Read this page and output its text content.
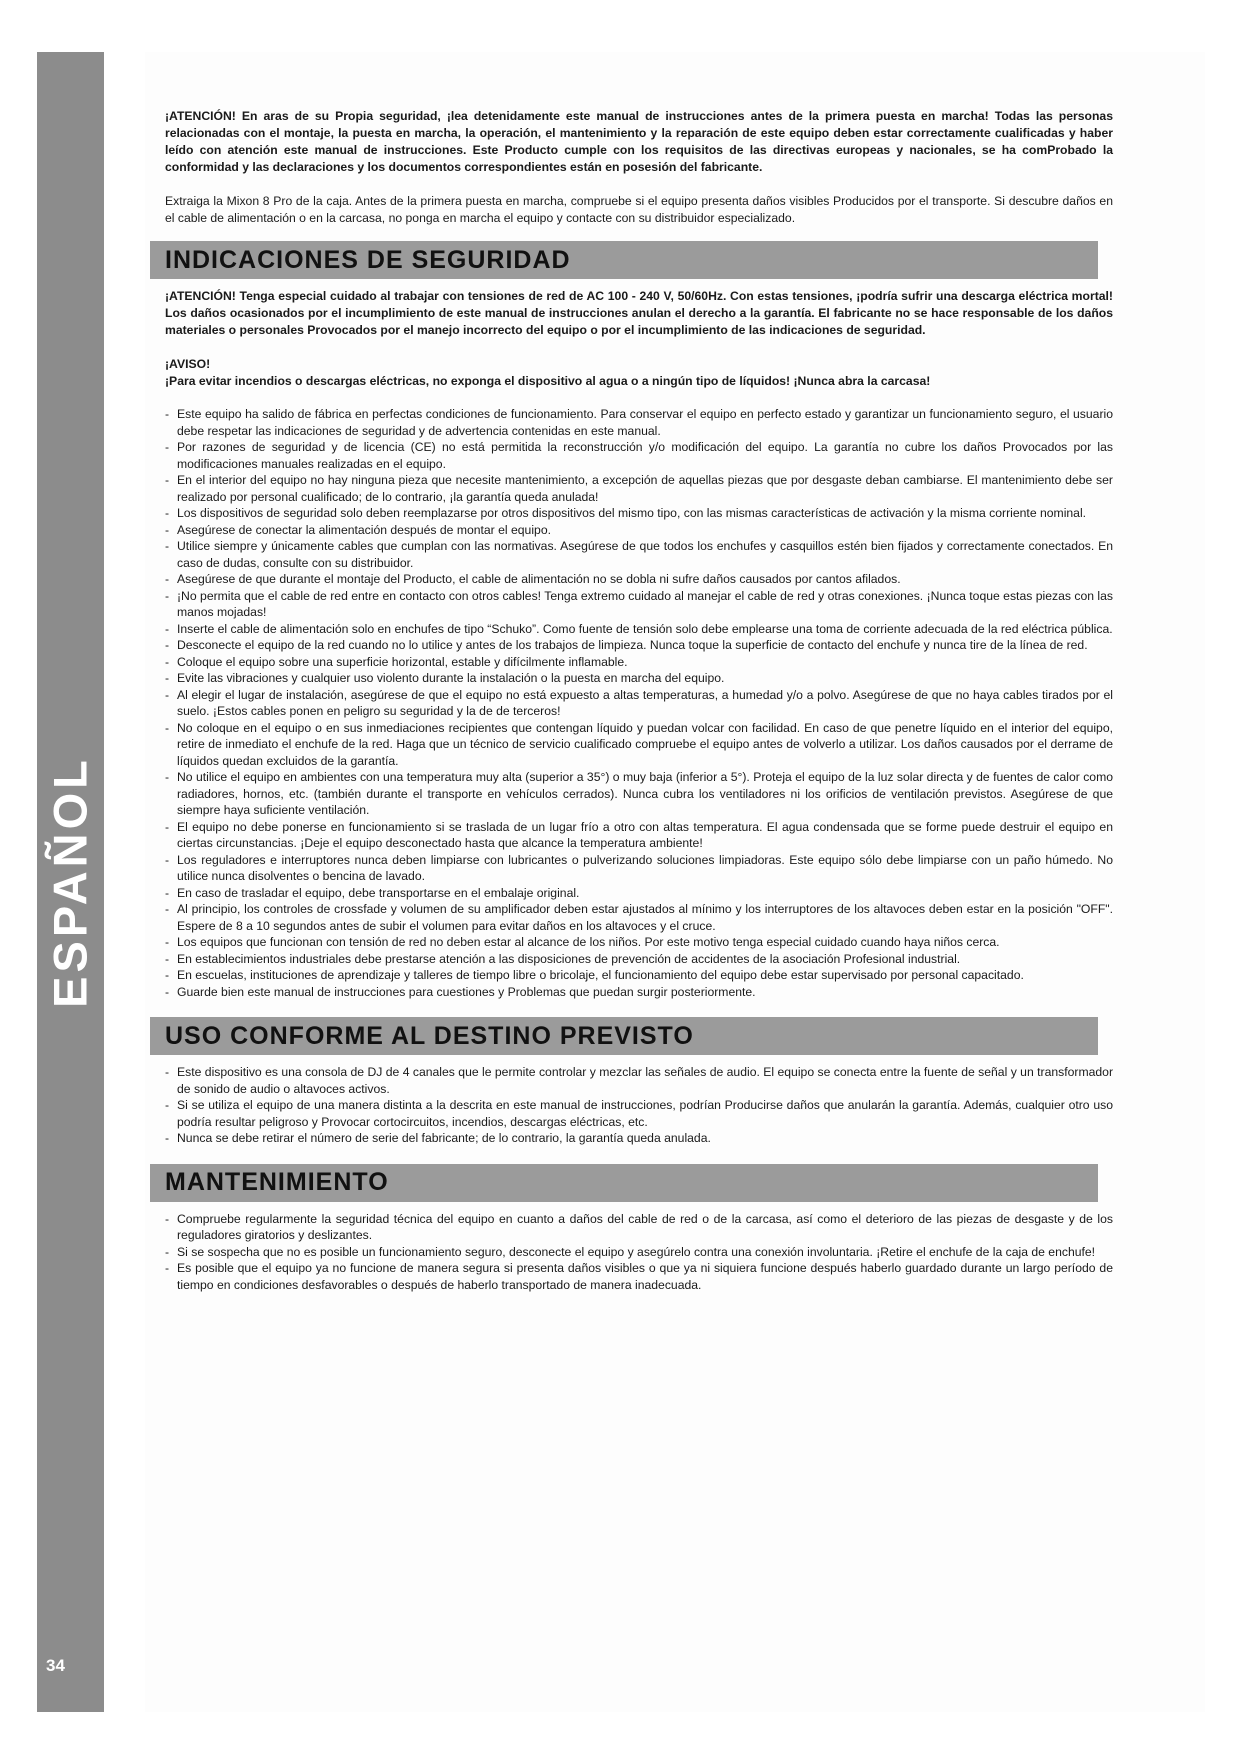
ESPAÑOL
34

¡ATENCIÓN! En aras de su Propia seguridad, ¡lea detenidamente este manual de instrucciones antes de la primera puesta en marcha! Todas las personas relacionadas con el montaje, la puesta en marcha, la operación, el mantenimiento y la reparación de este equipo deben estar correctamente cualificadas y haber leído con atención este manual de instrucciones. Este Producto cumple con los requisitos de las directivas europeas y nacionales, se ha comProbado la conformidad y las declaraciones y los documentos correspondientes están en posesión del fabricante.

Extraiga la Mixon 8 Pro de la caja. Antes de la primera puesta en marcha, compruebe si el equipo presenta daños visibles Producidos por el transporte. Si descubre daños en el cable de alimentación o en la carcasa, no ponga en marcha el equipo y contacte con su distribuidor especializado.

INDICACIONES DE SEGURIDAD

¡ATENCIÓN! Tenga especial cuidado al trabajar con tensiones de red de AC 100 - 240 V, 50/60Hz. Con estas tensiones, ¡podría sufrir una descarga eléctrica mortal! Los daños ocasionados por el incumplimiento de este manual de instrucciones anulan el derecho a la garantía. El fabricante no se hace responsable de los daños materiales o personales Provocados por el manejo incorrecto del equipo o por el incumplimiento de las indicaciones de seguridad.

¡AVISO!

¡Para evitar incendios o descargas eléctricas, no exponga el dispositivo al agua o a ningún tipo de líquidos! ¡Nunca abra la carcasa!

- Este equipo ha salido de fábrica en perfectas condiciones de funcionamiento. Para conservar el equipo en perfecto estado y garantizar un funcionamiento seguro, el usuario debe respetar las indicaciones de seguridad y de advertencia contenidas en este manual.
- Por razones de seguridad y de licencia (CE) no está permitida la reconstrucción y/o modificación del equipo. La garantía no cubre los daños Provocados por las modificaciones manuales realizadas en el equipo.
- En el interior del equipo no hay ninguna pieza que necesite mantenimiento, a excepción de aquellas piezas que por desgaste deban cambiarse. El mantenimiento debe ser realizado por personal cualificado; de lo contrario, ¡la garantía queda anulada!
- Los dispositivos de seguridad solo deben reemplazarse por otros dispositivos del mismo tipo, con las mismas características de activación y la misma corriente nominal.
- Asegúrese de conectar la alimentación después de montar el equipo.
- Utilice siempre y únicamente cables que cumplan con las normativas. Asegúrese de que todos los enchufes y casquillos estén bien fijados y correctamente conectados. En caso de dudas, consulte con su distribuidor.
- Asegúrese de que durante el montaje del Producto, el cable de alimentación no se dobla ni sufre daños causados por cantos afilados.
- ¡No permita que el cable de red entre en contacto con otros cables! Tenga extremo cuidado al manejar el cable de red y otras conexiones. ¡Nunca toque estas piezas con las manos mojadas!
- Inserte el cable de alimentación solo en enchufes de tipo “Schuko”. Como fuente de tensión solo debe emplearse una toma de corriente adecuada de la red eléctrica pública.
- Desconecte el equipo de la red cuando no lo utilice y antes de los trabajos de limpieza. Nunca toque la superficie de contacto del enchufe y nunca tire de la línea de red.
- Coloque el equipo sobre una superficie horizontal, estable y difícilmente inflamable.
- Evite las vibraciones y cualquier uso violento durante la instalación o la puesta en marcha del equipo.
- Al elegir el lugar de instalación, asegúrese de que el equipo no está expuesto a altas temperaturas, a humedad y/o a polvo. Asegúrese de que no haya cables tirados por el suelo. ¡Estos cables ponen en peligro su seguridad y la de de terceros!
- No coloque en el equipo o en sus inmediaciones recipientes que contengan líquido y puedan volcar con facilidad. En caso de que penetre líquido en el interior del equipo, retire de inmediato el enchufe de la red. Haga que un técnico de servicio cualificado compruebe el equipo antes de volverlo a utilizar. Los daños causados por el derrame de líquidos quedan excluidos de la garantía.
- No utilice el equipo en ambientes con una temperatura muy alta (superior a 35°) o muy baja (inferior a 5°). Proteja el equipo de la luz solar directa y de fuentes de calor como radiadores, hornos, etc. (también durante el transporte en vehículos cerrados). Nunca cubra los ventiladores ni los orificios de ventilación previstos. Asegúrese de que siempre haya suficiente ventilación.
- El equipo no debe ponerse en funcionamiento si se traslada de un lugar frío a otro con altas temperatura. El agua condensada que se forme puede destruir el equipo en ciertas circunstancias. ¡Deje el equipo desconectado hasta que alcance la temperatura ambiente!
- Los reguladores e interruptores nunca deben limpiarse con lubricantes o pulverizando soluciones limpiadoras. Este equipo sólo debe limpiarse con un paño húmedo. No utilice nunca disolventes o bencina de lavado.
- En caso de trasladar el equipo, debe transportarse en el embalaje original.
- Al principio, los controles de crossfade y volumen de su amplificador deben estar ajustados al mínimo y los interruptores de los altavoces deben estar en la posición "OFF". Espere de 8 a 10 segundos antes de subir el volumen para evitar daños en los altavoces y el cruce.
- Los equipos que funcionan con tensión de red no deben estar al alcance de los niños. Por este motivo tenga especial cuidado cuando haya niños cerca.
- En establecimientos industriales debe prestarse atención a las disposiciones de prevención de accidentes de la asociación Profesional industrial.
- En escuelas, instituciones de aprendizaje y talleres de tiempo libre o bricolaje, el funcionamiento del equipo debe estar supervisado por personal capacitado.
- Guarde bien este manual de instrucciones para cuestiones y Problemas que puedan surgir posteriormente.
USO CONFORME AL DESTINO PREVISTO
- Este dispositivo es una consola de DJ de 4 canales que le permite controlar y mezclar las señales de audio. El equipo se conecta entre la fuente de señal y un transformador de sonido de audio o altavoces activos.
- Si se utiliza el equipo de una manera distinta a la descrita en este manual de instrucciones, podrían Producirse daños que anularán la garantía. Además, cualquier otro uso podría resultar peligroso y Provocar cortocircuitos, incendios, descargas eléctricas, etc.
- Nunca se debe retirar el número de serie del fabricante; de lo contrario, la garantía queda anulada.
MANTENIMIENTO
- Compruebe regularmente la seguridad técnica del equipo en cuanto a daños del cable de red o de la carcasa, así como el deterioro de las piezas de desgaste y de los reguladores giratorios y deslizantes.
- Si se sospecha que no es posible un funcionamiento seguro, desconecte el equipo y asegúrelo contra una conexión involuntaria. ¡Retire el enchufe de la caja de enchufe!
- Es posible que el equipo ya no funcione de manera segura si presenta daños visibles o que ya ni siquiera funcione después haberlo guardado durante un largo período de tiempo en condiciones desfavorables o después de haberlo transportado de manera inadecuada.
